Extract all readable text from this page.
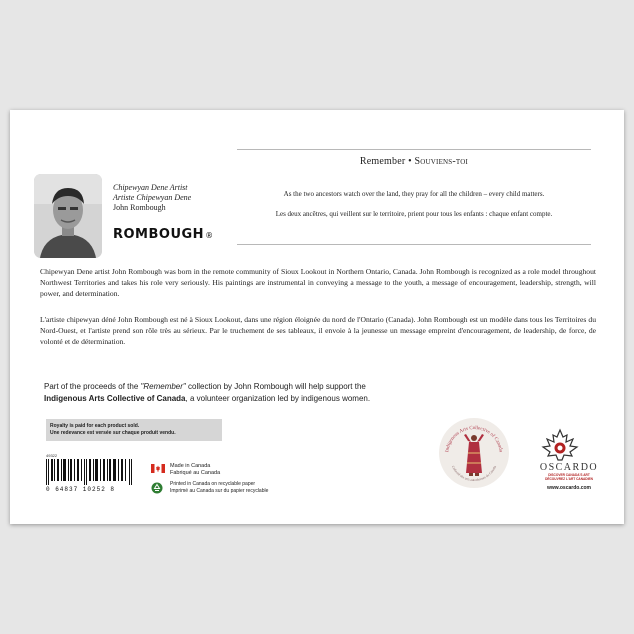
Chipewyan Dene Artist
Artiste Chipewyan Dene
John Rombough
ROMBOUGH®
Remember • Souviens-toi
As the two ancestors watch over the land, they pray for all the children – every child matters.
Les deux ancêtres, qui veillent sur le territoire, prient pour tous les enfants : chaque enfant compte.
Chipewyan Dene artist John Rombough was born in the remote community of Sioux Lookout in Northern Ontario, Canada. John Rombough is recognized as a role model throughout Northwest Territories and takes his role very seriously. His paintings are instrumental in conveying a message to the youth, a message of encouragement, leadership, strength, will power, and determination.
L'artiste chipewyan déné John Rombough est né à Sioux Lookout, dans une région éloignée du nord de l'Ontario (Canada). John Rombough est un modèle dans tous les Territoires du Nord-Ouest, et l'artiste prend son rôle très au sérieux. Par le truchement de ses tableaux, il envoie à la jeunesse un message empreint d'encouragement, de leadership, de force, de volonté et de détermination.
Part of the proceeds of the "Remember" collection by John Rombough will help support the
Indigenous Arts Collective of Canada, a volunteer organization led by indigenous women.
Royalty is paid for each product sold.
Une redevance est versée sur chaque produit vendu.
49322
0 64837 10252 8
Made in Canada
Fabriqué au Canada
Printed in Canada on recyclable paper
Imprimé au Canada sur du papier recyclable
Indigenous Arts Collective of Canada
Collectif des arts autochtones du Canada	OSCARDO
DISCOVER CANADA'S ART
DÉCOUVREZ L'ART CANADIEN
www.oscardo.com
